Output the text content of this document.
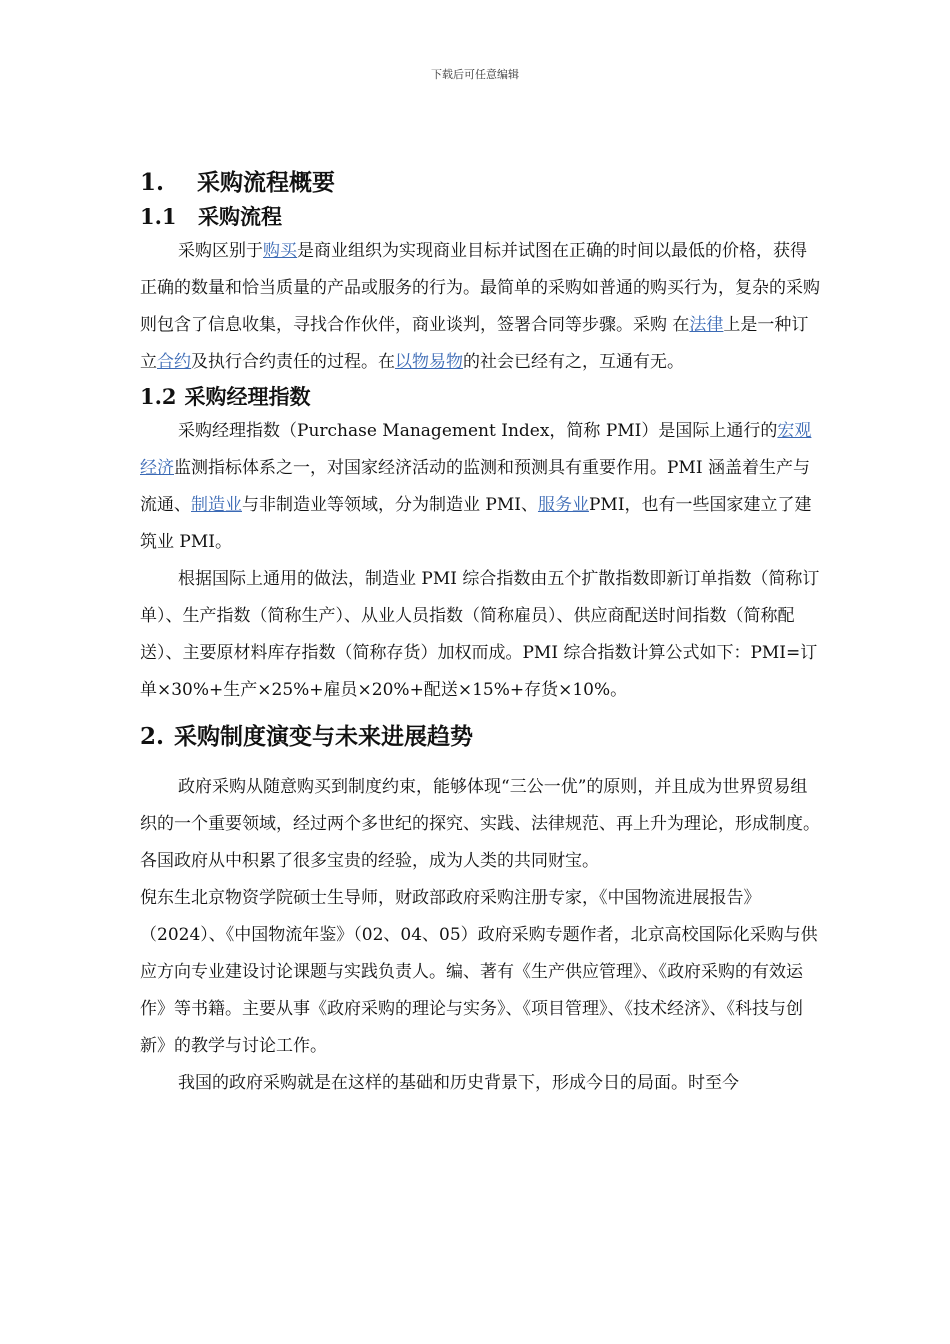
下载后可任意编辑
1. 采购流程概要
1.1 采购流程

采购区别于购买是商业组织为实现商业目标并试图在正确的时间以最低的价格，获得正确的数量和恰当质量的产品或服务的行为。最简单的采购如普通的购买行为，复杂的采购则包含了信息收集，寻找合作伙伴，商业谈判，签署合同等步骤。采购 在法律上是一种订立合约及执行合约责任的过程。在以物易物的社会已经有之，互通有无。

1.2 采购经理指数

采购经理指数（Purchase Management Index，简称 PMI）是国际上通行的宏观经济监测指标体系之一，对国家经济活动的监测和预测具有重要作用。PMI 涵盖着生产与流通、制造业与非制造业等领域，分为制造业 PMI、服务业PMI，也有一些国家建立了建筑业 PMI。

根据国际上通用的做法，制造业 PMI 综合指数由五个扩散指数即新订单指数（简称订单）、生产指数（简称生产）、从业人员指数（简称雇员）、供应商配送时间指数（简称配送）、主要原材料库存指数（简称存货）加权而成。PMI 综合指数计算公式如下：PMI=订单×30%+生产×25%+雇员×20%+配送×15%+存货×10%。

2. 采购制度演变与未来进展趋势

政府采购从随意购买到制度约束，能够体现“三公一优”的原则，并且成为世界贸易组织的一个重要领域，经过两个多世纪的探究、实践、法律规范、再上升为理论，形成制度。各国政府从中积累了很多宝贵的经验，成为人类的共同财宝。

倪东生北京物资学院硕士生导师，财政部政府采购注册专家，《中国物流进展报告》（2024）、《中国物流年鉴》（02、04、05）政府采购专题作者，北京高校国际化采购与供应方向专业建设讨论课题与实践负责人。编、著有《生产供应管理》、《政府采购的有效运作》等书籍。主要从事《政府采购的理论与实务》、《项目管理》、《技术经济》、《科技与创新》的教学与讨论工作。

我国的政府采购就是在这样的基础和历史背景下，形成今日的局面。时至今
